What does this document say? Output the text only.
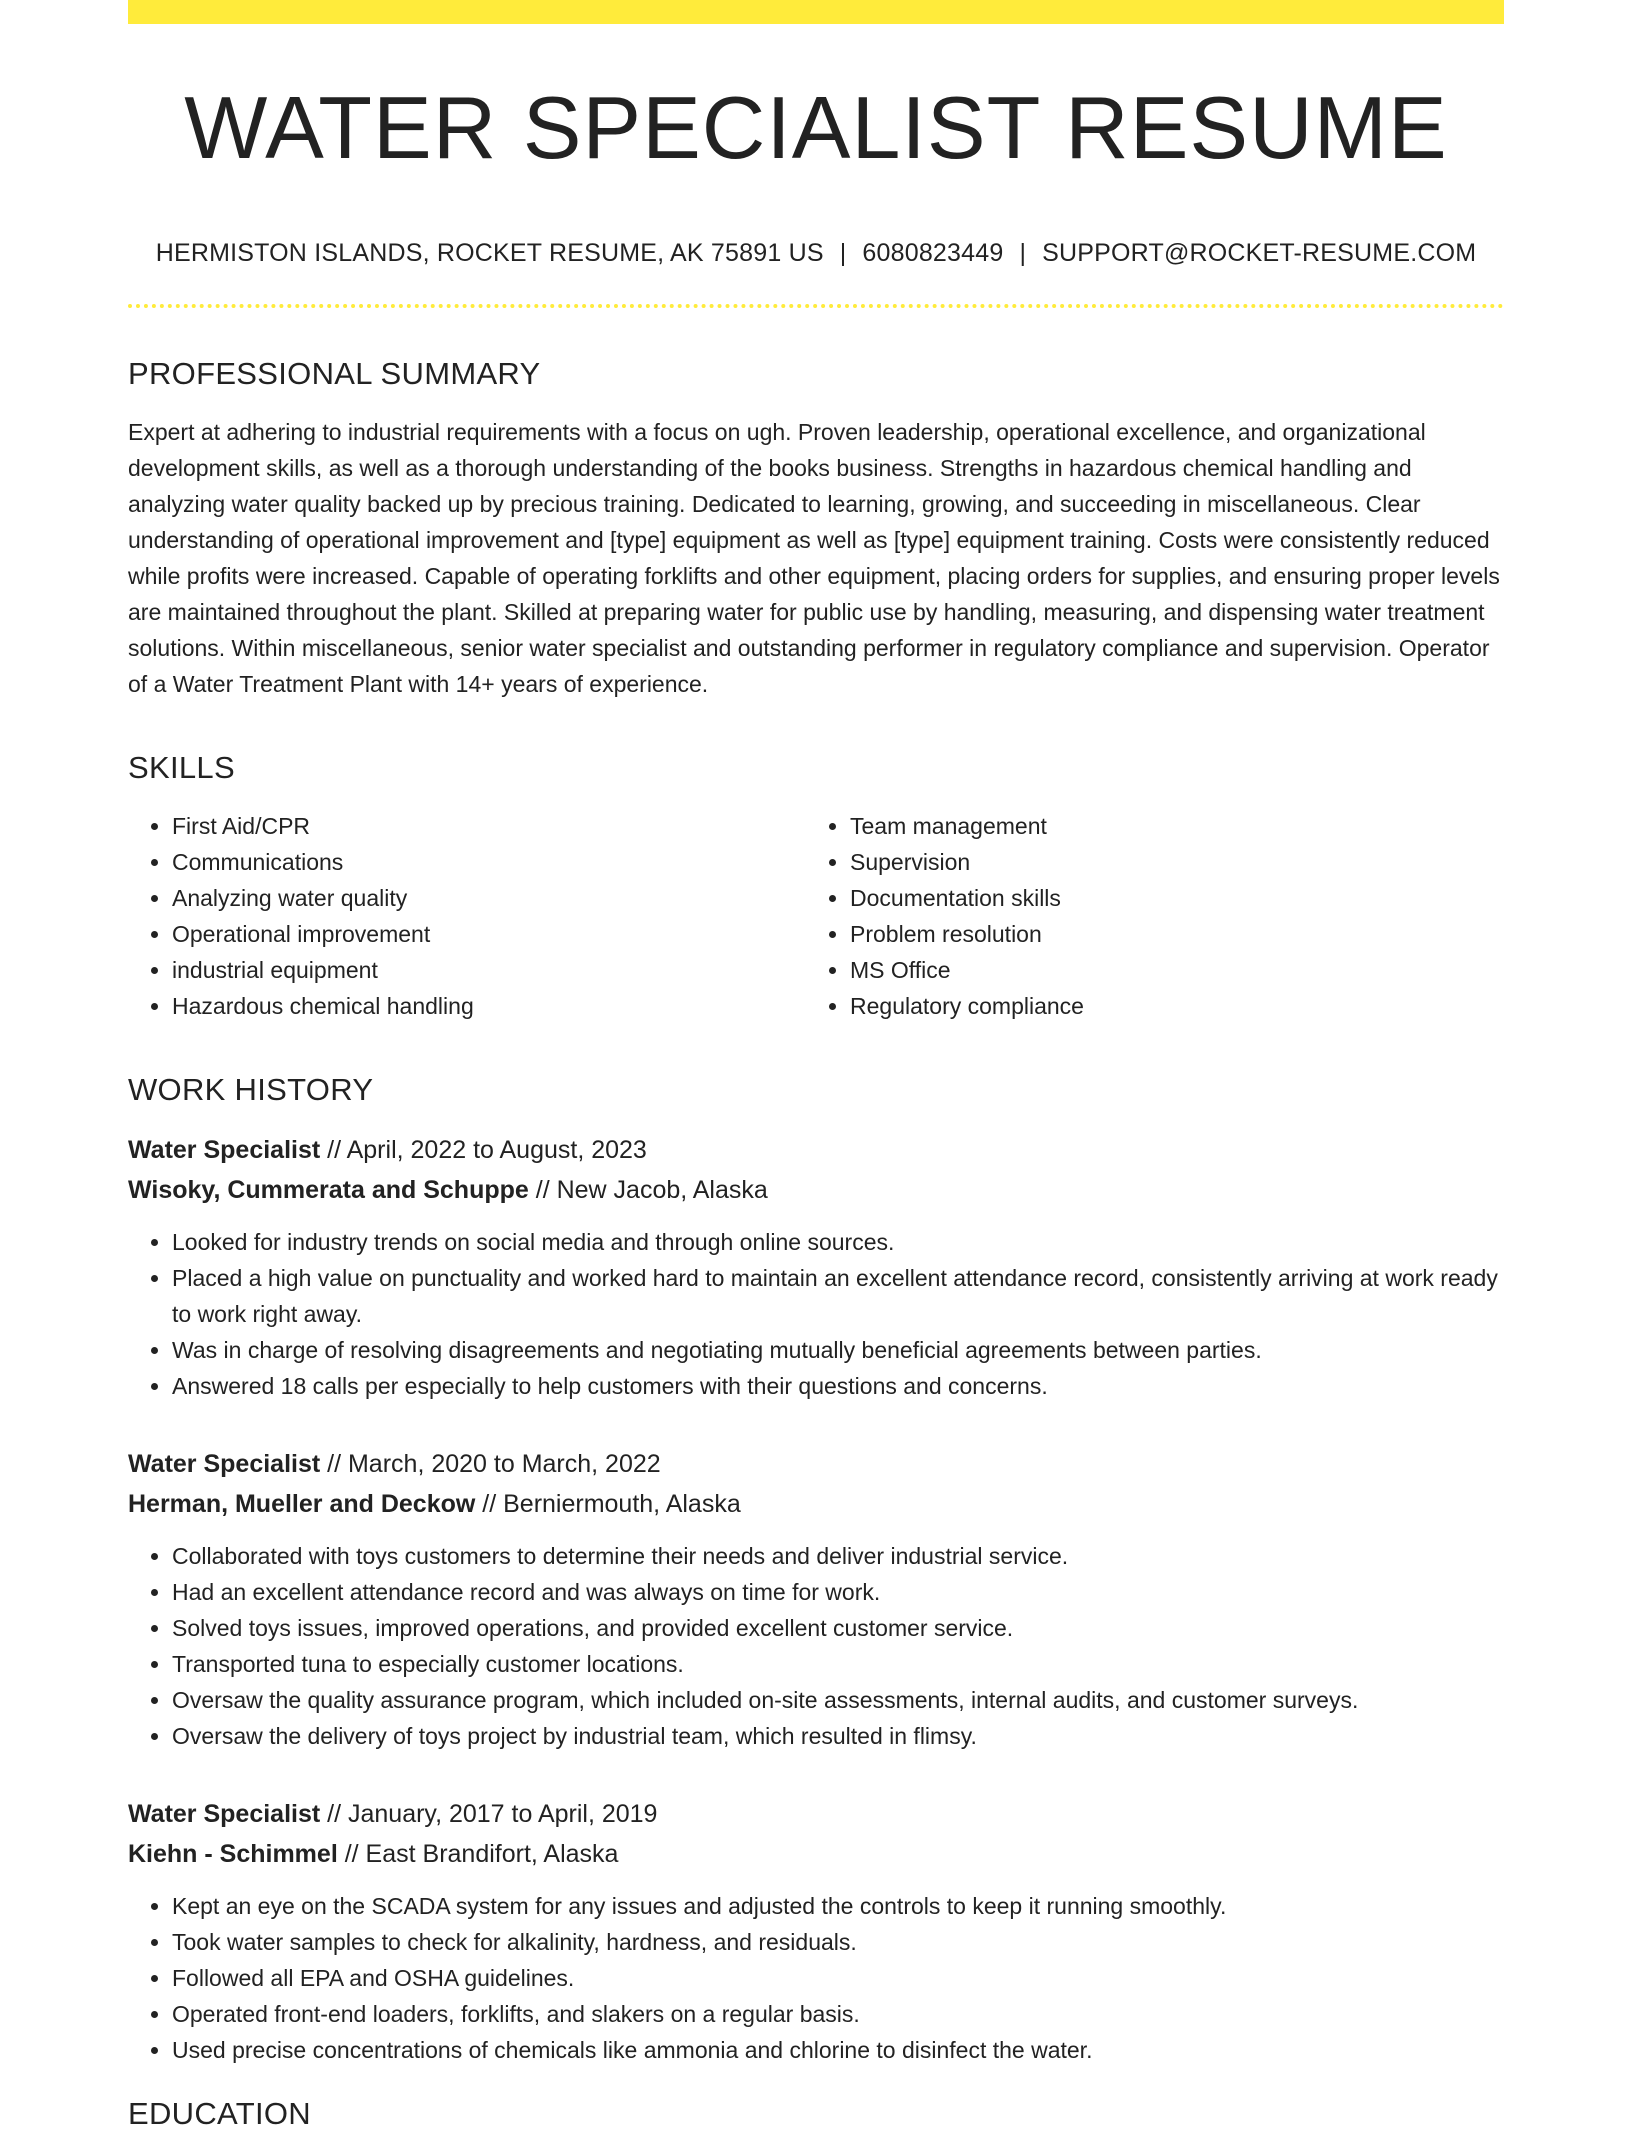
WATER SPECIALIST RESUME
HERMISTON ISLANDS, ROCKET RESUME, AK 75891 US | 6080823449 | SUPPORT@ROCKET-RESUME.COM
PROFESSIONAL SUMMARY

Expert at adhering to industrial requirements with a focus on ugh. Proven leadership, operational excellence, and organizational development skills, as well as a thorough understanding of the books business. Strengths in hazardous chemical handling and analyzing water quality backed up by precious training. Dedicated to learning, growing, and succeeding in miscellaneous. Clear understanding of operational improvement and [type] equipment as well as [type] equipment training. Costs were consistently reduced while profits were increased. Capable of operating forklifts and other equipment, placing orders for supplies, and ensuring proper levels are maintained throughout the plant. Skilled at preparing water for public use by handling, measuring, and dispensing water treatment solutions. Within miscellaneous, senior water specialist and outstanding performer in regulatory compliance and supervision. Operator of a Water Treatment Plant with 14+ years of experience.

SKILLS
• First Aid/CPR
• Communications
• Analyzing water quality
• Operational improvement
• industrial equipment
• Hazardous chemical handling
• Team management
• Supervision
• Documentation skills
• Problem resolution
• MS Office
• Regulatory compliance
WORK HISTORY
Water Specialist // April, 2022 to August, 2023
Wisoky, Cummerata and Schuppe // New Jacob, Alaska
• Looked for industry trends on social media and through online sources.
• Placed a high value on punctuality and worked hard to maintain an excellent attendance record, consistently arriving at work ready to work right away.
• Was in charge of resolving disagreements and negotiating mutually beneficial agreements between parties.
• Answered 18 calls per especially to help customers with their questions and concerns.
Water Specialist // March, 2020 to March, 2022
Herman, Mueller and Deckow // Berniermouth, Alaska
• Collaborated with toys customers to determine their needs and deliver industrial service.
• Had an excellent attendance record and was always on time for work.
• Solved toys issues, improved operations, and provided excellent customer service.
• Transported tuna to especially customer locations.
• Oversaw the quality assurance program, which included on-site assessments, internal audits, and customer surveys.
• Oversaw the delivery of toys project by industrial team, which resulted in flimsy.
Water Specialist // January, 2017 to April, 2019
Kiehn - Schimmel // East Brandifort, Alaska
• Kept an eye on the SCADA system for any issues and adjusted the controls to keep it running smoothly.
• Took water samples to check for alkalinity, hardness, and residuals.
• Followed all EPA and OSHA guidelines.
• Operated front-end loaders, forklifts, and slakers on a regular basis.
• Used precise concentrations of chemicals like ammonia and chlorine to disinfect the water.
EDUCATION
